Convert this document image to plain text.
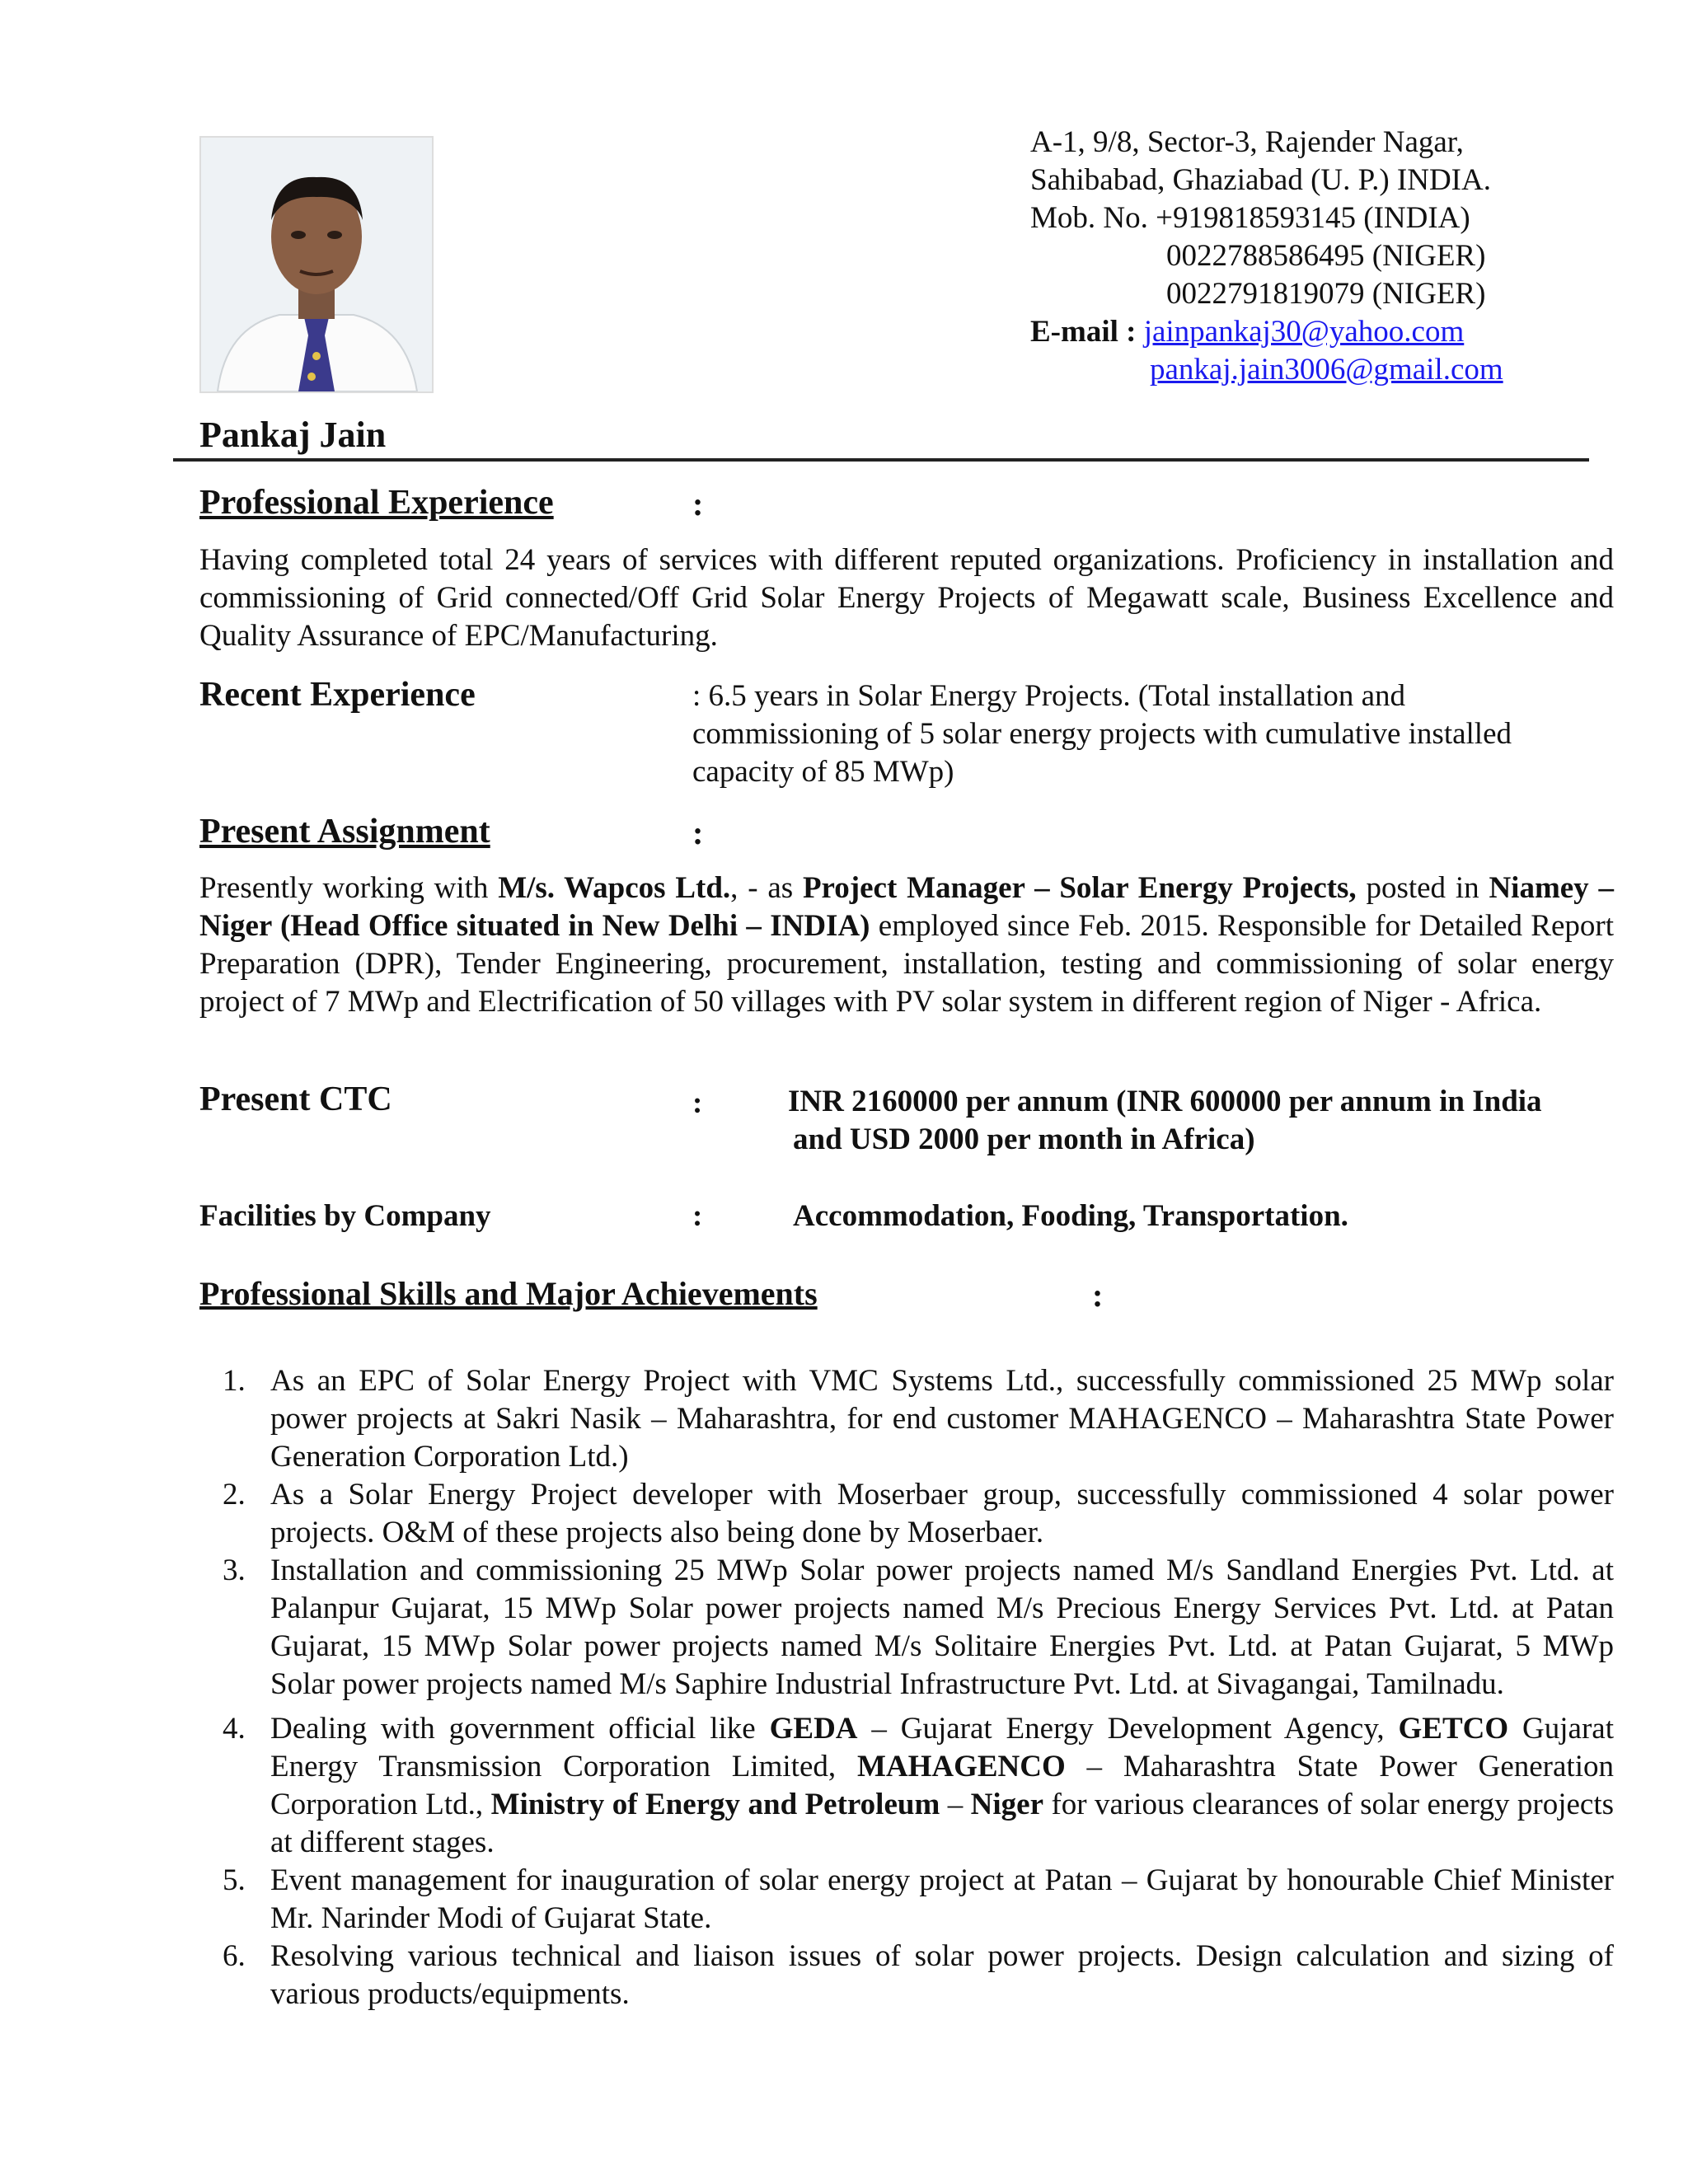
A-1, 9/8, Sector-3, Rajender Nagar,
Sahibabad, Ghaziabad (U. P.) INDIA.
Mob. No. +919818593145 (INDIA)
0022788586495 (NIGER)
0022791819079 (NIGER)
E-mail : jainpankaj30@yahoo.com
pankaj.jain3006@gmail.com
Pankaj Jain
Professional Experience	:
Having completed total 24 years of services with different reputed organizations. Proficiency in installation and commissioning of Grid connected/Off Grid Solar Energy Projects of Megawatt scale, Business Excellence and Quality Assurance of EPC/Manufacturing.
Recent Experience	: 6.5 years in Solar Energy Projects. (Total installation and commissioning of 5 solar energy projects with cumulative installed capacity of 85 MWp)
Present Assignment	:
Presently working with M/s. Wapcos Ltd., - as Project Manager – Solar Energy Projects, posted in Niamey – Niger (Head Office situated in New Delhi – INDIA) employed since Feb. 2015. Responsible for Detailed Report Preparation (DPR), Tender Engineering, procurement, installation, testing and commissioning of solar energy project of 7 MWp and Electrification of 50 villages with PV solar system in different region of Niger - Africa.
Present CTC	:	INR 2160000 per annum (INR 600000 per annum in India
and USD 2000 per month in Africa)
Facilities by Company	:	Accommodation, Fooding, Transportation.
Professional Skills and Major Achievements	:
1. As an EPC of Solar Energy Project with VMC Systems Ltd., successfully commissioned 25 MWp solar power projects at Sakri Nasik – Maharashtra, for end customer MAHAGENCO – Maharashtra State Power Generation Corporation Ltd.)
2. As a Solar Energy Project developer with Moserbaer group, successfully commissioned 4 solar power projects. O&M of these projects also being done by Moserbaer.
3. Installation and commissioning 25 MWp Solar power projects named M/s Sandland Energies Pvt. Ltd. at Palanpur Gujarat, 15 MWp Solar power projects named M/s Precious Energy Services Pvt. Ltd. at Patan Gujarat, 15 MWp Solar power projects named M/s Solitaire Energies Pvt. Ltd. at Patan Gujarat, 5 MWp Solar power projects named M/s Saphire Industrial Infrastructure Pvt. Ltd. at Sivagangai, Tamilnadu.
4. Dealing with government official like GEDA – Gujarat Energy Development Agency, GETCO Gujarat Energy Transmission Corporation Limited, MAHAGENCO – Maharashtra State Power Generation Corporation Ltd., Ministry of Energy and Petroleum – Niger for various clearances of solar energy projects at different stages.
5. Event management for inauguration of solar energy project at Patan – Gujarat by honourable Chief Minister Mr. Narinder Modi of Gujarat State.
6. Resolving various technical and liaison issues of solar power projects. Design calculation and sizing of various products/equipments.
